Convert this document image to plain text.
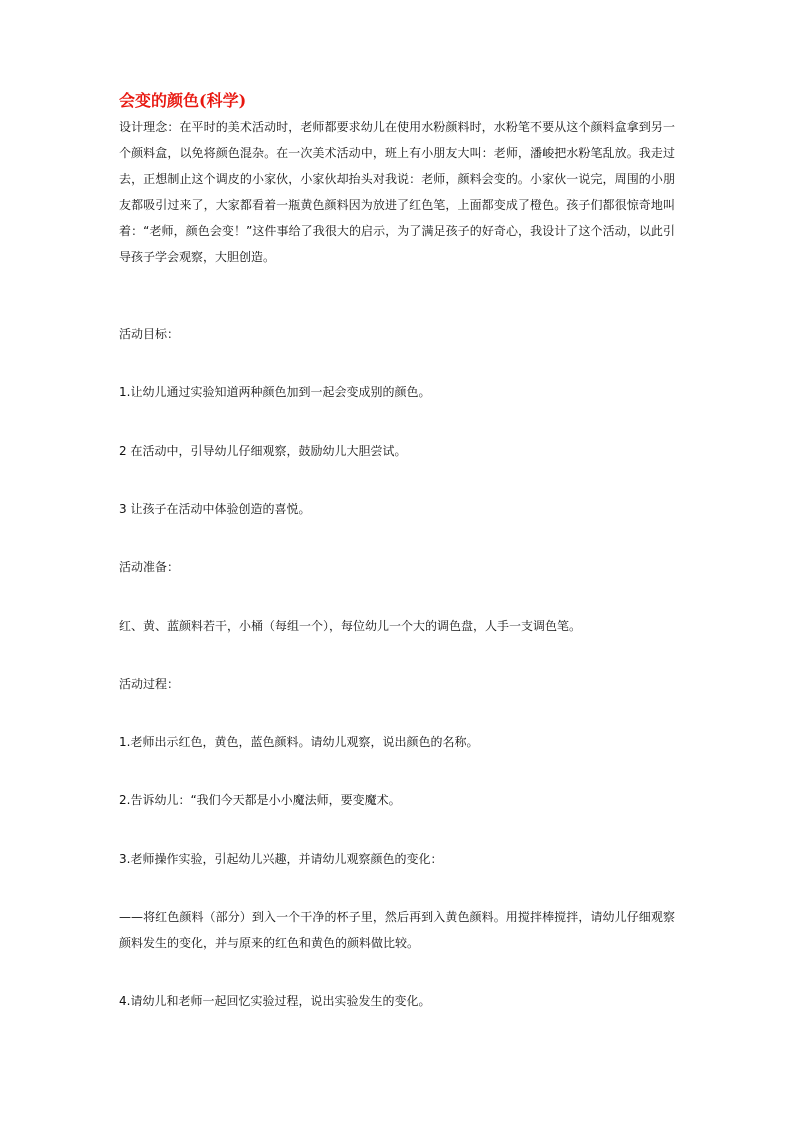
会变的颜色(科学)

设计理念：在平时的美术活动时，老师都要求幼儿在使用水粉颜料时，水粉笔不要从这个颜料盒拿到另一个颜料盒，以免将颜色混杂。在一次美术活动中，班上有小朋友大叫：老师，潘峻把水粉笔乱放。我走过去，正想制止这个调皮的小家伙，小家伙却抬头对我说：老师，颜料会变的。小家伙一说完，周围的小朋友都吸引过来了，大家都看着一瓶黄色颜料因为放进了红色笔，上面都变成了橙色。孩子们都很惊奇地叫着：“老师，颜色会变！”这件事给了我很大的启示，为了满足孩子的好奇心，我设计了这个活动，以此引导孩子学会观察，大胆创造。

活动目标：

1.让幼儿通过实验知道两种颜色加到一起会变成别的颜色。

2 在活动中，引导幼儿仔细观察，鼓励幼儿大胆尝试。

3 让孩子在活动中体验创造的喜悦。

活动准备：

红、黄、蓝颜料若干，小桶（每组一个），每位幼儿一个大的调色盘，人手一支调色笔。

活动过程：

1.老师出示红色，黄色，蓝色颜料。请幼儿观察，说出颜色的名称。

2.告诉幼儿：“我们今天都是小小魔法师，要变魔术。

3.老师操作实验，引起幼儿兴趣，并请幼儿观察颜色的变化：

——将红色颜料（部分）到入一个干净的杯子里，然后再到入黄色颜料。用搅拌棒搅拌，请幼儿仔细观察颜料发生的变化，并与原来的红色和黄色的颜料做比较。

4.请幼儿和老师一起回忆实验过程，说出实验发生的变化。
